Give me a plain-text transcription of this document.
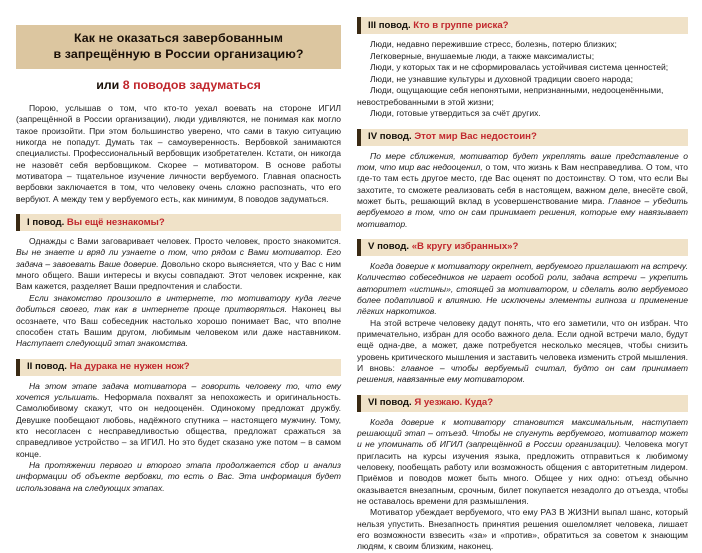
Как не оказаться завербованным
в запрещённую в России организацию?
или 8 поводов задуматься

Порою, услышав о том, что кто-то уехал воевать на стороне ИГИЛ (запрещённой в России организации), люди удивляются, не понимая как могло такое произойти. При этом большинство уверено, что сами в такую ситуацию никогда не попадут. Думать так – самоуверенность. Вербовкой занимаются специалисты. Профессиональный вербовщик изобретателен. Кстати, он никогда не назовёт себя вербовщиком. Скорее – мотиватором. В основе работы мотиватора – тщательное изучение личности вербуемого. Главная опасность вербовки заключается в том, что человеку очень сложно распознать, что его вербуют. А между тем у вербуемого есть, как минимум, 8 поводов задуматься.

I повод. Вы ещё незнакомы?

Однажды с Вами заговаривает человек. Просто человек, просто знакомится. Вы не знаете и вряд ли узнаете о том, что рядом с Вами мотиватор. Его задача – завоевать Ваше доверие. Довольно скоро выясняется, что у Вас с ним много общего. Ваши интересы и вкусы совпадают. Этот человек искренне, как Вам кажется, разделяет Ваши предпочтения и слабости.

Если знакомство произошло в интернете, то мотиватору куда легче добиться своего, так как в интернете проще притворяться. Наконец вы осознаете, что Ваш собеседник настолько хорошо понимает Вас, что вполне способен стать Вашим другом, любимым человеком или даже наставником. Наступает следующий этап знакомства.

II повод. На дурака не нужен нож?

На этом этапе задача мотиватора – говорить человеку то, что ему хочется услышать. Неформала похвалят за непохожесть и оригинальность. Самолюбивому скажут, что он недооценён. Одинокому предложат дружбу. Девушке пообещают любовь, надёжного спутника – настоящего мужчину. Тому, кто несогласен с несправедливостью общества, предложат сражаться за справедливое устройство – за ИГИЛ. Но это будет сказано уже потом – в самом конце.

На протяжении первого и второго этапа продолжается сбор и анализ информации об объекте вербовки, то есть о Вас. Эта информация будет использована на следующих этапах.

III повод. Кто в группе риска?
Люди, недавно пережившие стресс, болезнь, потерю близких;
Легковерные, внушаемые люди, а также максималисты;
Люди, у которых так и не сформировалась устойчивая система ценностей;
Люди, не узнавшие культуры и духовной традиции своего народа;
Люди, ощущающие себя непонятыми, непризнанными, недооценёнными, невостребованными в этой жизни;
Люди, готовые утвердиться за счёт других.
IV повод. Этот мир Вас недостоин?

По мере сближения, мотиватор будет укреплять ваше представление о том, что мир вас недооценил, о том, что жизнь к Вам несправедлива. О том, что где-то там есть другое место, где Вас оценят по достоинству. О том, что если Вы захотите, то сможете реализовать себя в настоящем, важном деле, внесёте свой, может быть, решающий вклад в усовершенствование мира. Главное – убедить вербуемого в том, что он сам принимает решения, которые ему навязывает мотиватор.

V повод. «В кругу избранных»?

Когда доверие к мотиватору окрепнет, вербуемого приглашают на встречу. Количество собеседников не играет особой роли, задача встречи – укрепить авторитет «истины», стоящей за мотиватором, и сделать волю вербуемого более податливой к влиянию. Не исключены элементы гипноза и применение лёгких наркотиков.

На этой встрече человеку дадут понять, что его заметили, что он избран. Что примечательно, избран для особо важного дела. Если одной встречи мало, будут ещё одна-две, а может, даже потребуется несколько месяцев, чтобы снизить уровень критического мышления и заставить человека изменить строй мышления. И вновь: главное – чтобы вербуемый считал, будто он сам принимает решения, навязанные ему мотиватором.

VI повод. Я уезжаю. Куда?

Когда доверие к мотиватору становится максимальным, наступает решающий этап – отъезд. Чтобы не спугнуть вербуемого, мотиватор может и не упоминать об ИГИЛ (запрещённой в России организации). Человека могут пригласить на курсы изучения языка, предложить отправиться к любимому человеку, пообещать работу или возможность общения с авторитетным лидером. Приёмов и поводов может быть много. Общее у них одно: отъезд обычно оказывается внезапным, срочным, билет покупается незадолго до отъезда, чтобы не оставалось времени для размышления.

Мотиватор убеждает вербуемого, что ему РАЗ В ЖИЗНИ выпал шанс, который нельзя упустить. Внезапность принятия решения ошеломляет человека, лишает его возможности взвесить «за» и «против», обратиться за советом к знающим людям, к своим близким, наконец.
